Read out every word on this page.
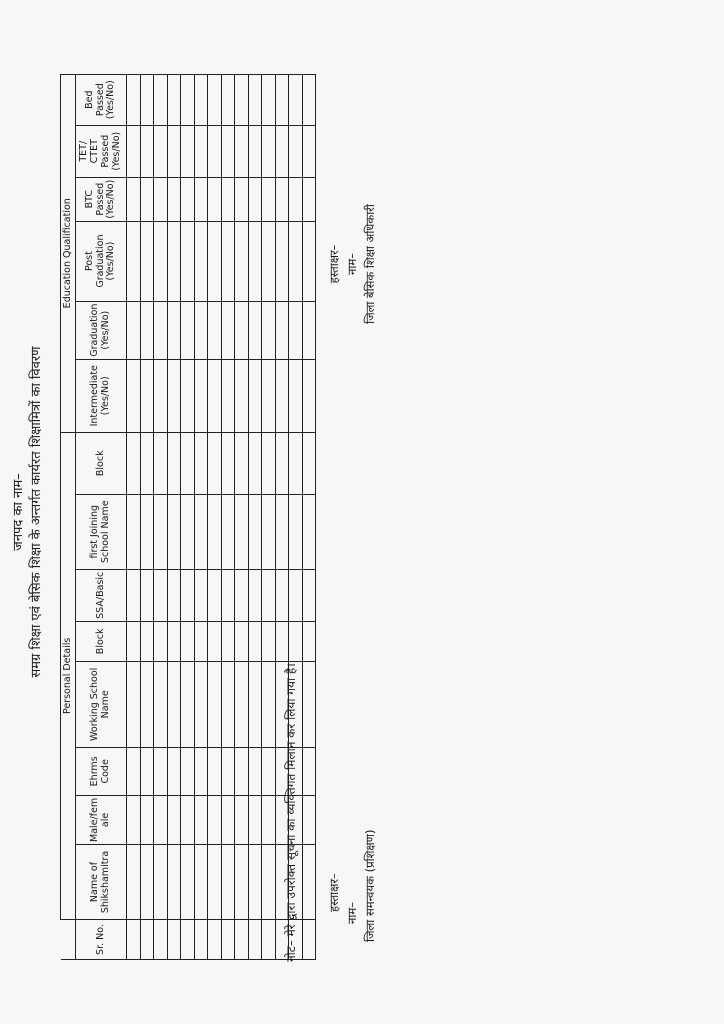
जनपद का नाम– समग्र शिक्षा एवं बेसिक शिक्षा के अन्तर्गत कार्यरत शिक्षामित्रों का विवरण
	Personal Details								Education Qualification					
Sr. No.	Name of Shikshamitra	Male/fem ale	Ehrms Code	Working School Name	Block	SSA/Basic	first Joining School Name	Block	Intermediate (Yes/No)	Graduation (Yes/No)	Post Graduation (Yes/No)	BTC Passed (Yes/No)	TET/ CTET Passed (Yes/No)	Bed Passed (Yes/No)

नोट– मेरे द्वारा उपरोक्त सूचना का व्यक्तिगत मिलान कर लिया गया है।	हस्ताक्षर–
नाम– जिला समन्वयक (प्रशिक्षण)
हस्ताक्षर– नाम– जिला बेसिक शिक्षा अधिकारी
